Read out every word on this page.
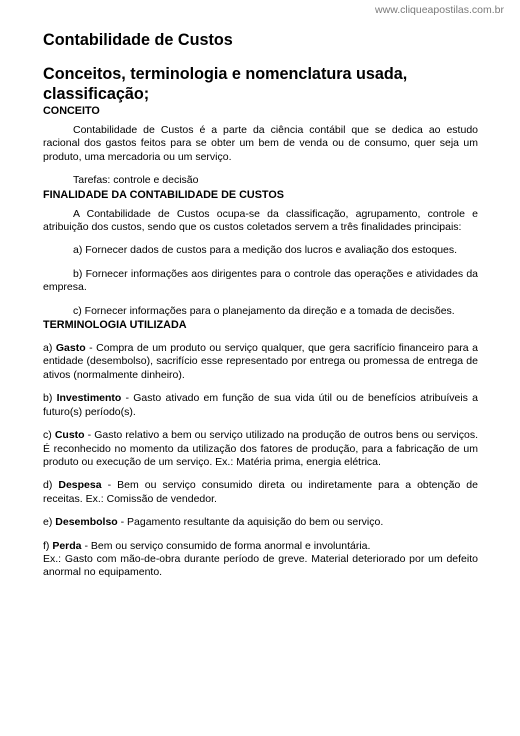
www.cliqueapostilas.com.br
Contabilidade de Custos
Conceitos, terminologia e nomenclatura usada, classificação;
CONCEITO

Contabilidade de Custos é a parte da ciência contábil que se dedica ao estudo racional dos gastos feitos para se obter um bem de venda ou de consumo, quer seja um produto, uma mercadoria ou um serviço.

Tarefas: controle e decisão

FINALIDADE DA CONTABILIDADE DE CUSTOS

A Contabilidade de Custos ocupa-se da classificação, agrupamento, controle e atribuição dos custos, sendo que os custos coletados servem a três finalidades principais:

a) Fornecer dados de custos para a medição dos lucros e avaliação dos estoques.

b) Fornecer informações aos dirigentes para o controle das operações e atividades da empresa.

c) Fornecer informações para o planejamento da direção e a tomada de decisões.

TERMINOLOGIA UTILIZADA

a) Gasto - Compra de um produto ou serviço qualquer, que gera sacrifício financeiro para a entidade (desembolso), sacrifício esse representado por entrega ou promessa de entrega de ativos (normalmente dinheiro).

b) Investimento - Gasto ativado em função de sua vida útil ou de benefícios atribuíveis a futuro(s) período(s).

c) Custo - Gasto relativo a bem ou serviço utilizado na produção de outros bens ou serviços. É reconhecido no momento da utilização dos fatores de produção, para a fabricação de um produto ou execução de um serviço. Ex.: Matéria prima, energia elétrica.

d) Despesa - Bem ou serviço consumido direta ou indiretamente para a obtenção de receitas. Ex.: Comissão de vendedor.

e) Desembolso - Pagamento resultante da aquisição do bem ou serviço.

f) Perda - Bem ou serviço consumido de forma anormal e involuntária.

Ex.: Gasto com mão-de-obra durante período de greve. Material deteriorado por um defeito anormal no equipamento.
